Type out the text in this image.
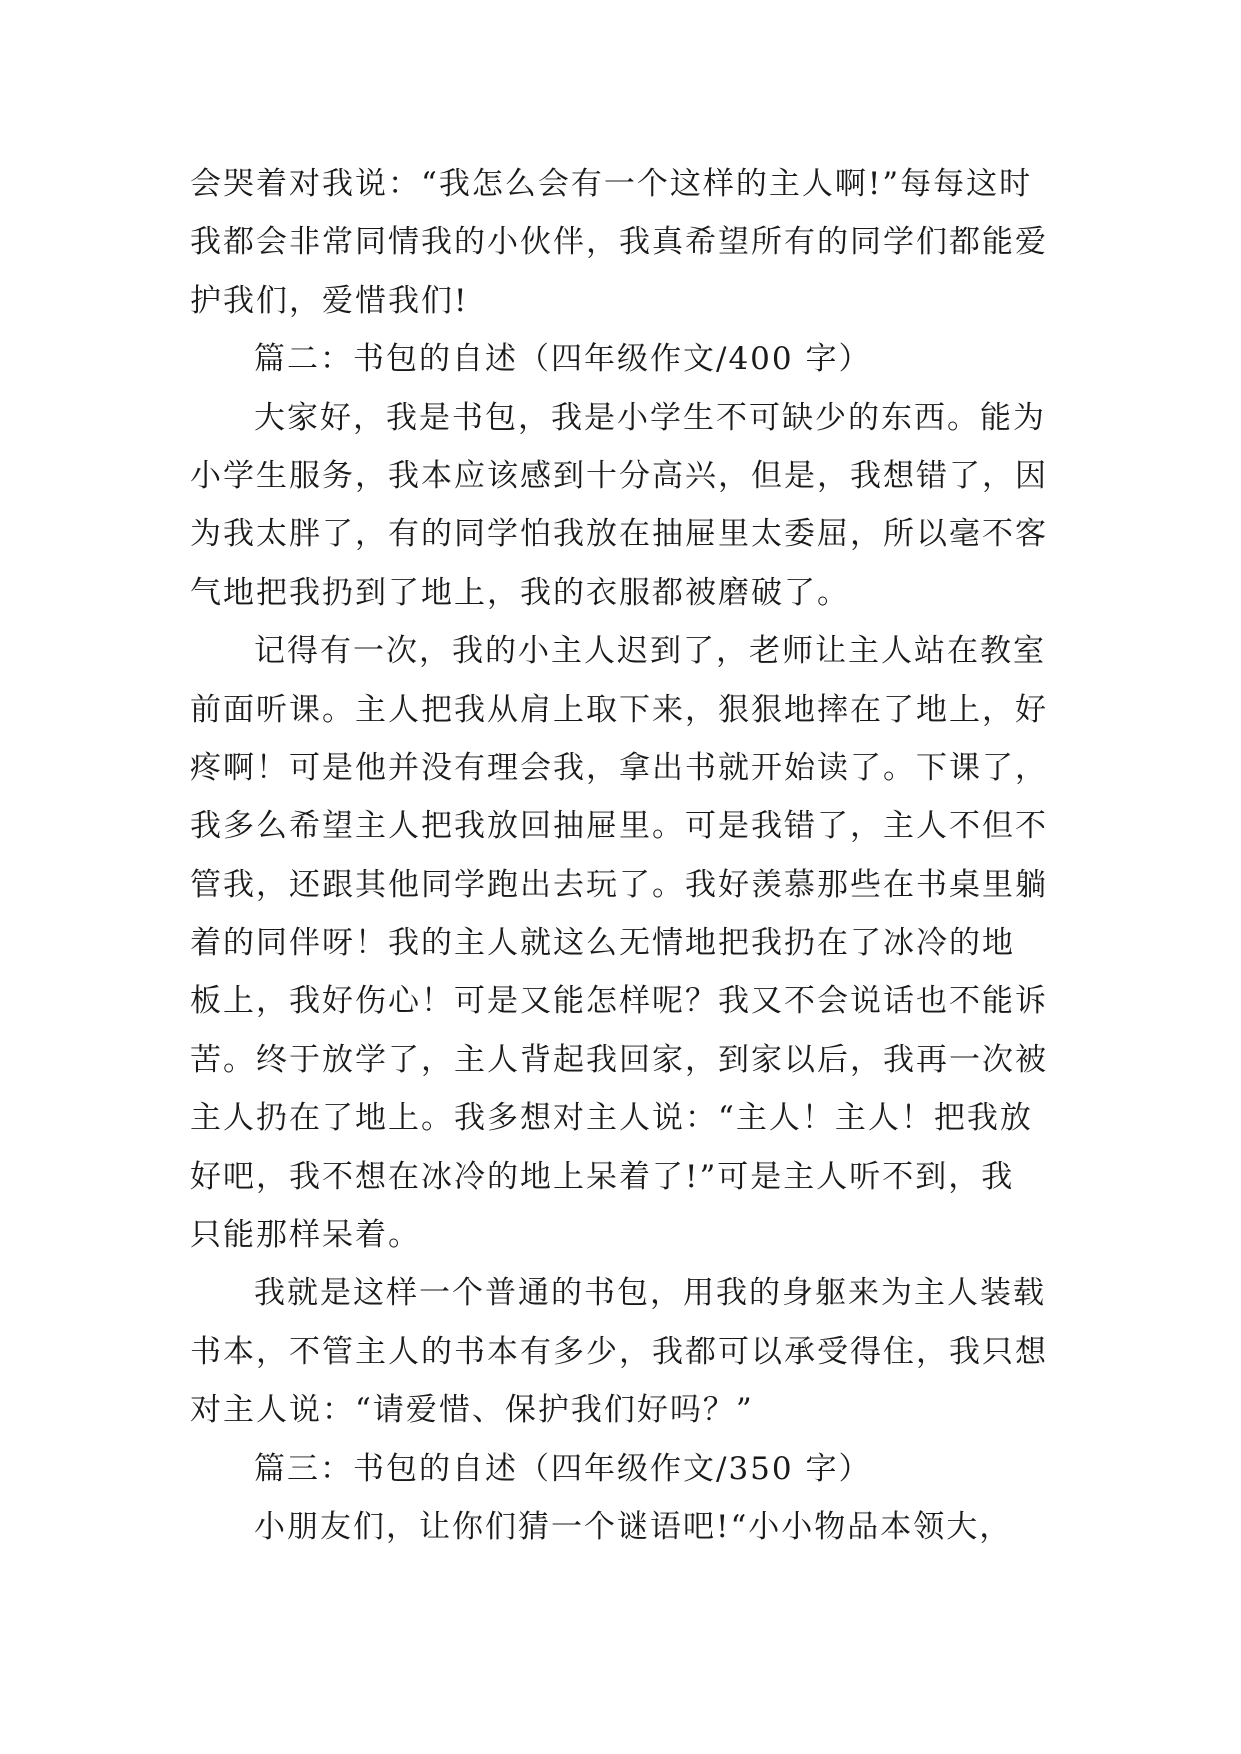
会哭着对我说：“我怎么会有一个这样的主人啊!”每每这时
我都会非常同情我的小伙伴，我真希望所有的同学们都能爱
护我们，爱惜我们!
篇二：书包的自述（四年级作文/400 字）
大家好，我是书包，我是小学生不可缺少的东西。能为
小学生服务，我本应该感到十分高兴，但是，我想错了，因
为我太胖了，有的同学怕我放在抽屉里太委屈，所以毫不客
气地把我扔到了地上，我的衣服都被磨破了。
记得有一次，我的小主人迟到了，老师让主人站在教室
前面听课。主人把我从肩上取下来，狠狠地摔在了地上，好
疼啊！可是他并没有理会我，拿出书就开始读了。下课了，
我多么希望主人把我放回抽屉里。可是我错了，主人不但不
管我，还跟其他同学跑出去玩了。我好羡慕那些在书桌里躺
着的同伴呀！我的主人就这么无情地把我扔在了冰冷的地
板上，我好伤心！可是又能怎样呢？我又不会说话也不能诉
苦。终于放学了，主人背起我回家，到家以后，我再一次被
主人扔在了地上。我多想对主人说：“主人！主人！把我放
好吧，我不想在冰冷的地上呆着了!”可是主人听不到，我
只能那样呆着。
我就是这样一个普通的书包，用我的身躯来为主人装载
书本，不管主人的书本有多少，我都可以承受得住，我只想
对主人说：“请爱惜、保护我们好吗？”
篇三：书包的自述（四年级作文/350 字）
小朋友们，让你们猜一个谜语吧!“小小物品本领大，
